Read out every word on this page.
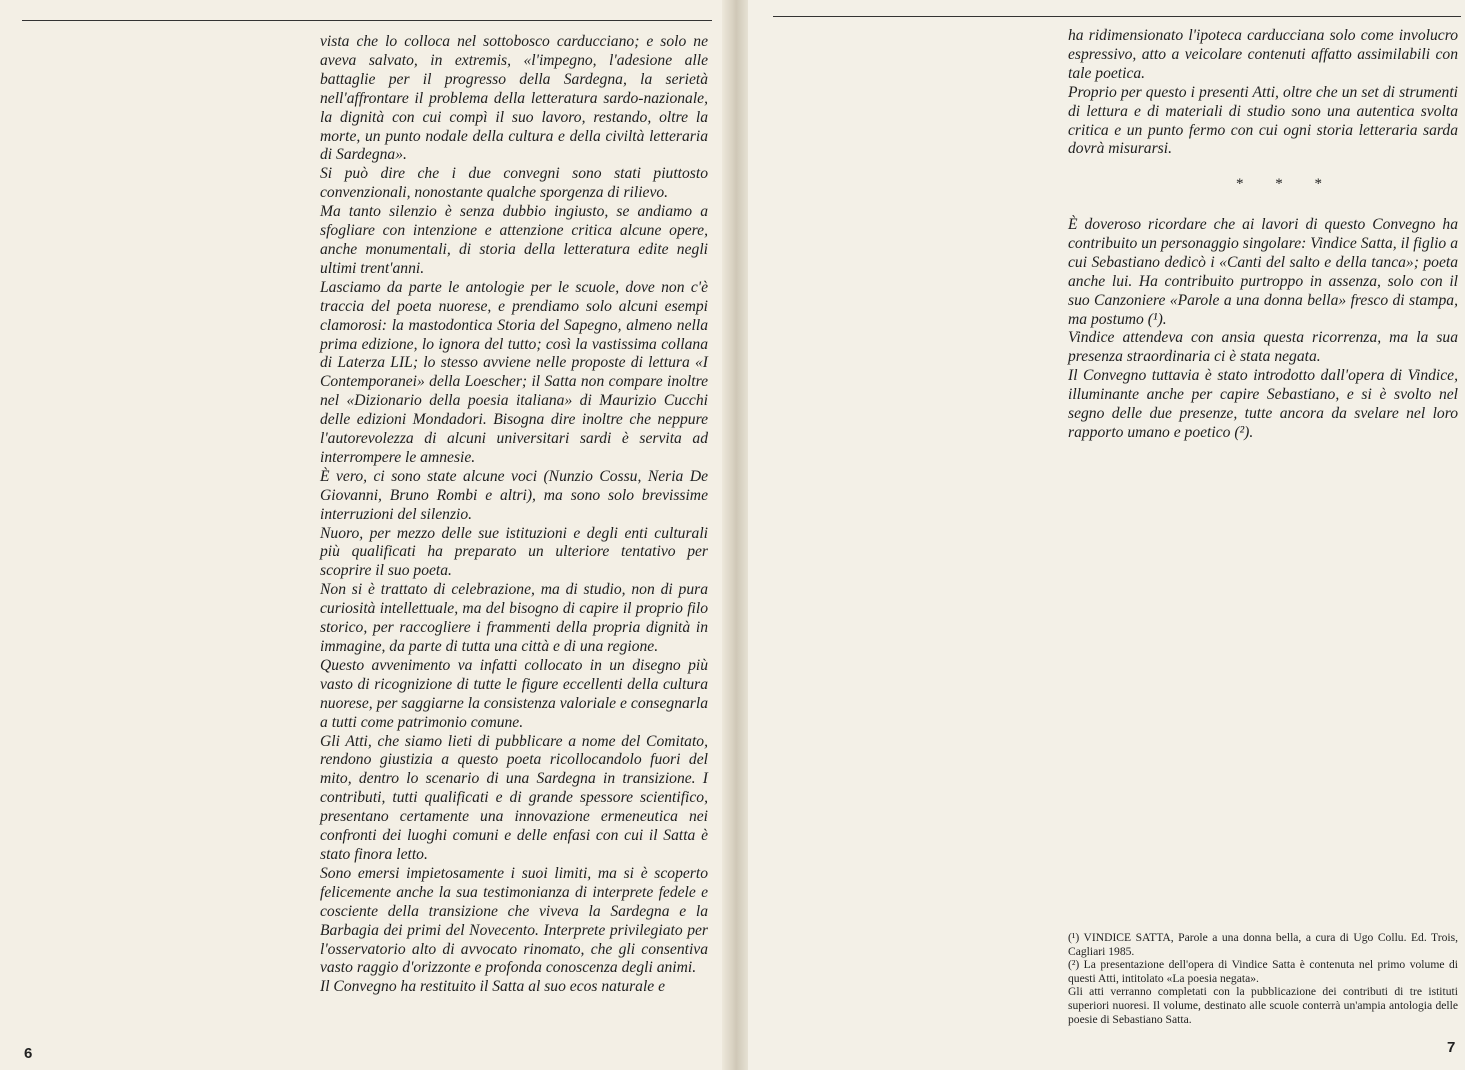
vista che lo colloca nel sottobosco carducciano; e solo ne aveva salvato, in extremis, «l'impegno, l'adesione alle battaglie per il progresso della Sardegna, la serietà nell'affrontare il problema della letteratura sardo-nazionale, la dignità con cui compì il suo lavoro, restando, oltre la morte, un punto nodale della cultura e della civiltà letteraria di Sardegna».

Si può dire che i due convegni sono stati piuttosto convenzionali, nonostante qualche sporgenza di rilievo.

Ma tanto silenzio è senza dubbio ingiusto, se andiamo a sfogliare con intenzione e attenzione critica alcune opere, anche monumentali, di storia della letteratura edite negli ultimi trent'anni.

Lasciamo da parte le antologie per le scuole, dove non c'è traccia del poeta nuorese, e prendiamo solo alcuni esempi clamorosi: la mastodontica Storia del Sapegno, almeno nella prima edizione, lo ignora del tutto; così la vastissima collana di Laterza LIL; lo stesso avviene nelle proposte di lettura «I Contemporanei» della Loescher; il Satta non compare inoltre nel «Dizionario della poesia italiana» di Maurizio Cucchi delle edizioni Mondadori. Bisogna dire inoltre che neppure l'autorevolezza di alcuni universitari sardi è servita ad interrompere le amnesie.

È vero, ci sono state alcune voci (Nunzio Cossu, Neria De Giovanni, Bruno Rombi e altri), ma sono solo brevissime interruzioni del silenzio.

Nuoro, per mezzo delle sue istituzioni e degli enti culturali più qualificati ha preparato un ulteriore tentativo per scoprire il suo poeta.

Non si è trattato di celebrazione, ma di studio, non di pura curiosità intellettuale, ma del bisogno di capire il proprio filo storico, per raccogliere i frammenti della propria dignità in immagine, da parte di tutta una città e di una regione.

Questo avvenimento va infatti collocato in un disegno più vasto di ricognizione di tutte le figure eccellenti della cultura nuorese, per saggiarne la consistenza valoriale e consegnarla a tutti come patrimonio comune.

Gli Atti, che siamo lieti di pubblicare a nome del Comitato, rendono giustizia a questo poeta ricollocandolo fuori del mito, dentro lo scenario di una Sardegna in transizione. I contributi, tutti qualificati e di grande spessore scientifico, presentano certamente una innovazione ermeneutica nei confronti dei luoghi comuni e delle enfasi con cui il Satta è stato finora letto.

Sono emersi impietosamente i suoi limiti, ma si è scoperto felicemente anche la sua testimonianza di interprete fedele e cosciente della transizione che viveva la Sardegna e la Barbagia dei primi del Novecento. Interprete privilegiato per l'osservatorio alto di avvocato rinomato, che gli consentiva vasto raggio d'orizzonte e profonda conoscenza degli animi.

Il Convegno ha restituito il Satta al suo ecos naturale e

6

ha ridimensionato l'ipoteca carducciana solo come involucro espressivo, atto a veicolare contenuti affatto assimilabili con tale poetica.

Proprio per questo i presenti Atti, oltre che un set di strumenti di lettura e di materiali di studio sono una autentica svolta critica e un punto fermo con cui ogni storia letteraria sarda dovrà misurarsi.

* * *

È doveroso ricordare che ai lavori di questo Convegno ha contribuito un personaggio singolare: Vindice Satta, il figlio a cui Sebastiano dedicò i «Canti del salto e della tanca»; poeta anche lui. Ha contribuito purtroppo in assenza, solo con il suo Canzoniere «Parole a una donna bella» fresco di stampa, ma postumo (¹).

Vindice attendeva con ansia questa ricorrenza, ma la sua presenza straordinaria ci è stata negata.

Il Convegno tuttavia è stato introdotto dall'opera di Vindice, illuminante anche per capire Sebastiano, e si è svolto nel segno delle due presenze, tutte ancora da svelare nel loro rapporto umano e poetico (²).

(¹) VINDICE SATTA, Parole a una donna bella, a cura di Ugo Collu. Ed. Trois, Cagliari 1985.

(²) La presentazione dell'opera di Vindice Satta è contenuta nel primo volume di questi Atti, intitolato «La poesia negata».

Gli atti verranno completati con la pubblicazione dei contributi di tre istituti superiori nuoresi. Il volume, destinato alle scuole conterrà un'ampia antologia delle poesie di Sebastiano Satta.

7
